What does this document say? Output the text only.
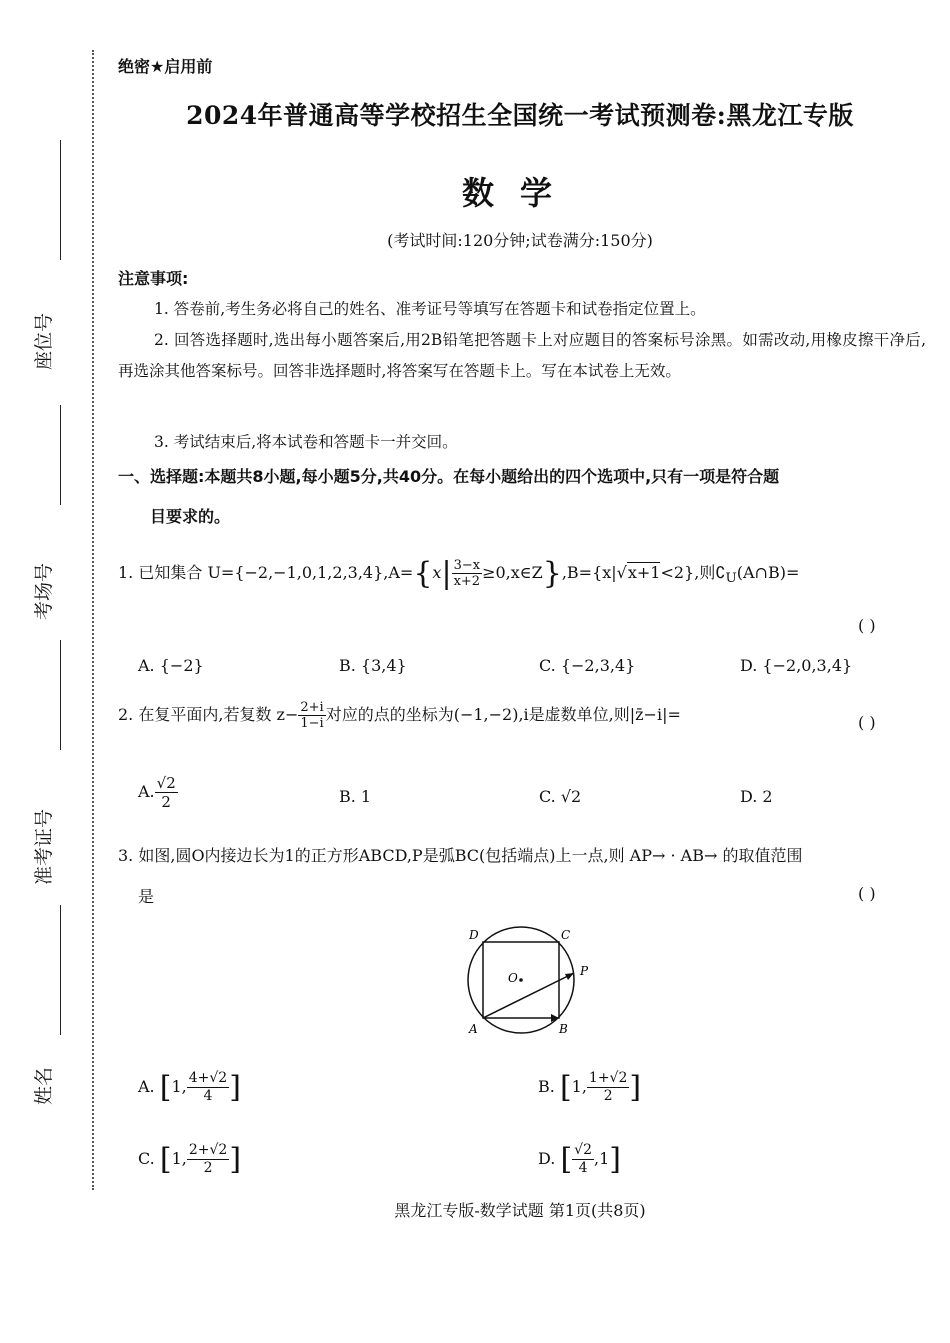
座位号
考场号
准考证号
姓名
绝密★启用前
2024年普通高等学校招生全国统一考试预测卷:黑龙江专版
数学
(考试时间:120分钟;试卷满分:150分)
注意事项:
1. 答卷前,考生务必将自己的姓名、准考证号等填写在答题卡和试卷指定位置上。
2. 回答选择题时,选出每小题答案后,用2B铅笔把答题卡上对应题目的答案标号涂黑。如需改动,用橡皮擦干净后,再选涂其他答案标号。回答非选择题时,将答案写在答题卡上。写在本试卷上无效。
3. 考试结束后,将本试卷和答题卡一并交回。
一、选择题:本题共8小题,每小题5分,共40分。在每小题给出的四个选项中,只有一项是符合题
目要求的。
1. 已知集合 $U=\{-2,-1,0,1,2,3,4\},A=\{x| \frac{3-x}{x+2}$ ≥0,x∈Z},B={x|√x+1<2},则$∁_U(A\cap B)=$
( )
A. {−2}	B. {3,4}	C. {−2,3,4}	D. {−2,0,3,4}
2. 在复平面内,若复数 $z- \frac{2+i}{1-i}$ 对应的点的坐标为(−1,−2),i是虚数单位,则|z̄−i|=	( )
A. $\frac{√2}{2}$	B. 1	C. √2	D. 2
3. 如图,圆O内接边长为1的正方形ABCD,P是弧BC(包括端点)上一点,则 AP→ · AB→ 的取值范围
是	( )
D	C
O	P
A	B
A. [1, $\frac{4+√2}{4}$ ]	B. [1, $\frac{1+√2}{2}$ ]
C. [1, $\frac{2+√2}{2}$ ]	D. [ $\frac{√2}{4} ,1$]
黑龙江专版-数学试题 第1页(共8页)
